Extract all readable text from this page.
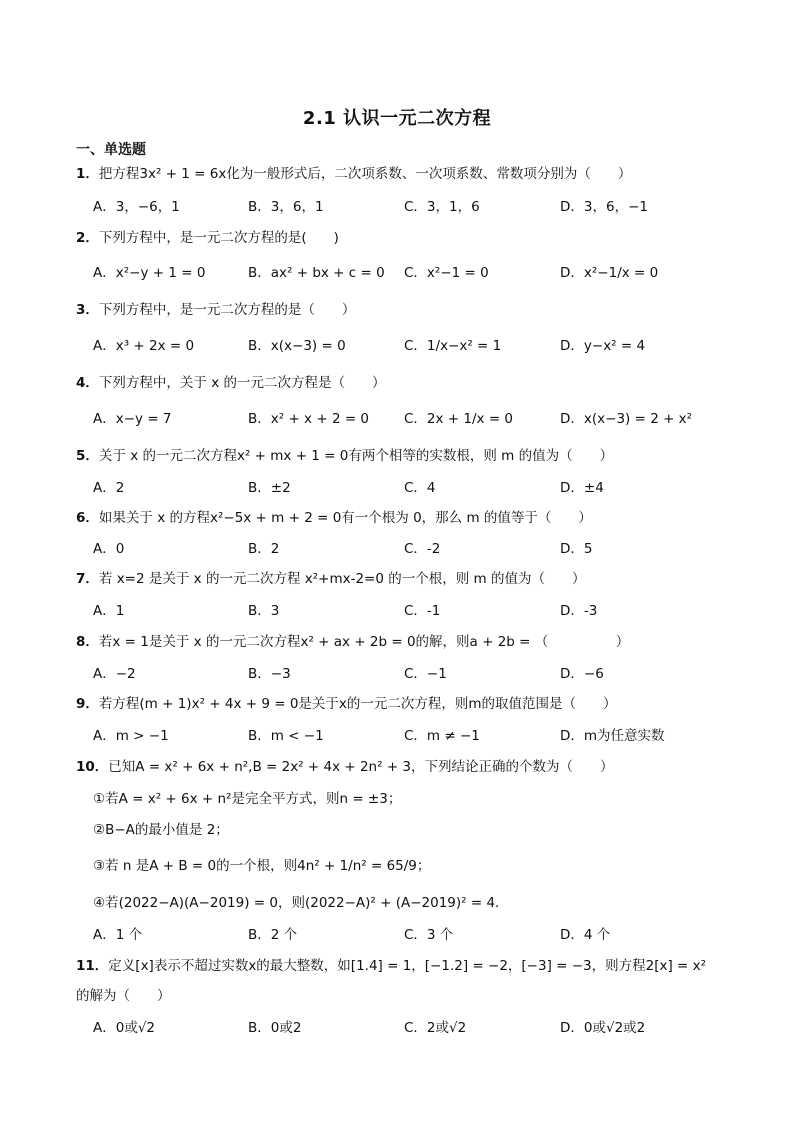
2.1 认识一元二次方程
一、单选题
1．把方程3x² + 1 = 6x化为一般形式后，二次项系数、一次项系数、常数项分别为（　　）
A．3，−6，1	B．3，6，1	C．3，1，6	D．3，6，−1
2．下列方程中，是一元二次方程的是(　　)
A．x²−y + 1 = 0	B．ax² + bx + c = 0 C．x²−1 = 0	D．x²−1/x = 0
3．下列方程中，是一元二次方程的是（　　）
A．x³ + 2x = 0	B．x(x−3) = 0	C．1/x−x² = 1	D．y−x² = 4
4．下列方程中，关于 x 的一元二次方程是（　　）
A．x−y = 7	B．x² + x + 2 = 0	C．2x + 1/x = 0	D．x(x−3) = 2 + x²
5．关于 x 的一元二次方程x² + mx + 1 = 0有两个相等的实数根，则 m 的值为（　　）
A．2	B．±2	C．4	D．±4
6．如果关于 x 的方程x²−5x + m + 2 = 0有一个根为 0，那么 m 的值等于（　　）
A．0	B．2	C．-2	D．5
7．若 x=2 是关于 x 的一元二次方程 x²+mx-2=0 的一个根，则 m 的值为（　　）
A．1	B．3	C．-1	D．-3
8．若x = 1是关于 x 的一元二次方程x² + ax + 2b = 0的解，则a + 2b = （　　　　　）
A．−2	B．−3	C．−1	D．−6
9．若方程(m + 1)x² + 4x + 9 = 0是关于x的一元二次方程，则m的取值范围是（　　）
A．m > −1	B．m < −1	C．m ≠ −1	D．m为任意实数
10．已知A = x² + 6x + n²,B = 2x² + 4x + 2n² + 3，下列结论正确的个数为（　　）
①若A = x² + 6x + n²是完全平方式，则n = ±3；
②B−A的最小值是 2；
③若 n 是A + B = 0的一个根，则4n² + 1/n² = 65/9；
④若(2022−A)(A−2019) = 0，则(2022−A)² + (A−2019)² = 4．
A．1 个	B．2 个	C．3 个	D．4 个
11．定义[x]表示不超过实数x的最大整数，如[1.4] = 1，[−1.2] = −2，[−3] = −3，则方程2[x] = x²
的解为（　　）
A．0或√2	B．0或2	C．2或√2	D．0或√2或2
